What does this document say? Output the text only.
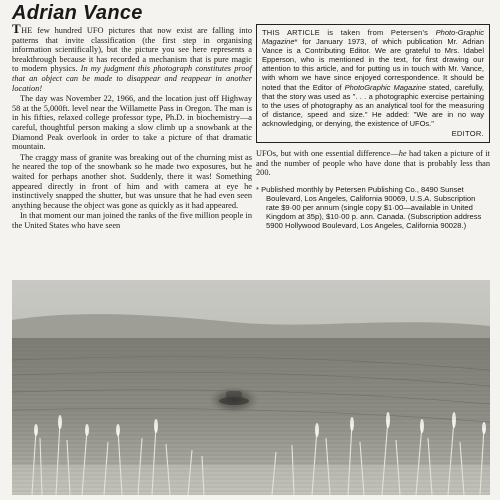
Adrian Vance

THE few hundred UFO pictures that now exist are falling into patterns that invite classification (the first step in organising information scientifically), but the picture you see here represents a breakthrough because it has recorded a mechanism that is pure magic to modern physics. In my judgment this photograph constitutes proof that an object can be made to disappear and reappear in another location!

The day was November 22, 1966, and the location just off Highway 58 at the 5,000ft. level near the Willamette Pass in Oregon. The man is in his fifties, relaxed college professor type, Ph.D. in biochemistry—a careful, thoughtful person making a slow climb up a snowbank at the Diamond Peak overlook in order to take a picture of that dramatic mountain.

The craggy mass of granite was breaking out of the churning mist as he neared the top of the snowbank so he made two exposures, but he waited for perhaps another shot. Suddenly, there it was! Something appeared directly in front of him and with camera at eye he instinctively snapped the shutter, but was unsure that he had even seen anything because the object was gone as quickly as it had appeared.

In that moment our man joined the ranks of the five million people in the United States who have seen

THIS ARTICLE is taken from Petersen's Photo-Graphic Magazine* for January 1973, of which publication Mr. Adrian Vance is a Contributing Editor. We are grateful to Mrs. Idabel Epperson, who is mentioned in the text, for first drawing our attention to this article, and for putting us in touch with Mr. Vance, with whom we have since enjoyed correspondence. It should be noted that the Editor of PhotoGraphic Magazine stated, carefully, that the story was used as ". . . a photographic exercise pertaining to the uses of photography as an analytical tool for the measuring of distance, speed and size." He added: "We are in no way acknowledging, or denying, the existence of UFOs."
EDITOR.

UFOs, but with one essential difference—he had taken a picture of it and the number of people who have done that is probably less than 200.

* Published monthly by Petersen Publishing Co., 8490 Sunset Boulevard, Los Angeles, California 90069, U.S.A. Subscription rate $9·00 per annum (single copy $1·00—available in United Kingdom at 35p), $10·00 p. ann. Canada. (Subscription address 5900 Hollywood Boulevard, Los Angeles, California 90028.)
